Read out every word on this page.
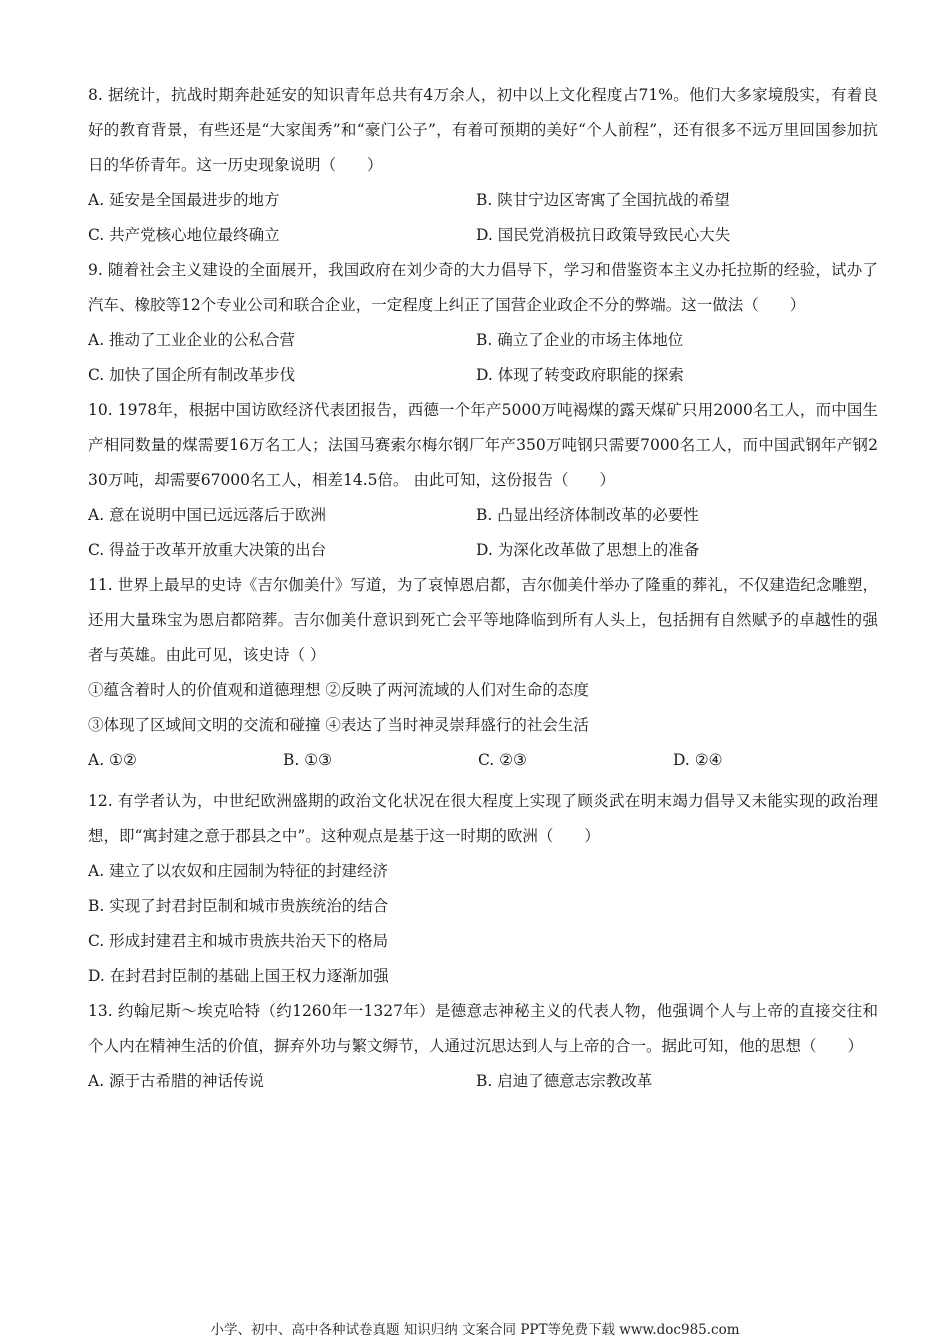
8. 据统计，抗战时期奔赴延安的知识青年总共有4万余人，初中以上文化程度占71%。他们大多家境殷实，有着良好的教育背景，有些还是“大家闺秀”和“豪门公子”，有着可预期的美好“个人前程”，还有很多不远万里回国参加抗日的华侨青年。这一历史现象说明（　　）
A. 延安是全国最进步的地方	B. 陕甘宁边区寄寓了全国抗战的希望
C. 共产党核心地位最终确立	D. 国民党消极抗日政策导致民心大失
9. 随着社会主义建设的全面展开，我国政府在刘少奇的大力倡导下，学习和借鉴资本主义办托拉斯的经验，试办了汽车、橡胶等12个专业公司和联合企业，一定程度上纠正了国营企业政企不分的弊端。这一做法（　　）
A. 推动了工业企业的公私合营	B. 确立了企业的市场主体地位
C. 加快了国企所有制改革步伐	D. 体现了转变政府职能的探索
10. 1978年，根据中国访欧经济代表团报告，西德一个年产5000万吨褐煤的露天煤矿只用2000名工人，而中国生产相同数量的煤需要16万名工人；法国马赛索尔梅尔钢厂年产350万吨钢只需要7000名工人，而中国武钢年产钢230万吨，却需要67000名工人，相差14.5倍。 由此可知，这份报告（　　）
A. 意在说明中国已远远落后于欧洲	B. 凸显出经济体制改革的必要性
C. 得益于改革开放重大决策的出台	D. 为深化改革做了思想上的准备
11. 世界上最早的史诗《吉尔伽美什》写道，为了哀悼恩启都，吉尔伽美什举办了隆重的葬礼，不仅建造纪念雕塑，还用大量珠宝为恩启都陪葬。吉尔伽美什意识到死亡会平等地降临到所有人头上，包括拥有自然赋予的卓越性的强者与英雄。由此可见，该史诗（ ）
①蕴含着时人的价值观和道德理想 ②反映了两河流域的人们对生命的态度
③体现了区域间文明的交流和碰撞 ④表达了当时神灵崇拜盛行的社会生活
A. ①②	B. ①③	C. ②③	D. ②④
12. 有学者认为，中世纪欧洲盛期的政治文化状况在很大程度上实现了顾炎武在明末竭力倡导又未能实现的政治理想，即“寓封建之意于郡县之中”。这种观点是基于这一时期的欧洲（　　）
A. 建立了以农奴和庄园制为特征的封建经济
B. 实现了封君封臣制和城市贵族统治的结合
C. 形成封建君主和城市贵族共治天下的格局
D. 在封君封臣制的基础上国王权力逐渐加强
13. 约翰尼斯～埃克哈特（约1260年一1327年）是德意志神秘主义的代表人物，他强调个人与上帝的直接交往和个人内在精神生活的价值，摒弃外功与繁文缛节，人通过沉思达到人与上帝的合一。据此可知，他的思想（　　）
A. 源于古希腊的神话传说	B. 启迪了德意志宗教改革
小学、初中、高中各种试卷真题 知识归纳 文案合同 PPT等免费下载 www.doc985.com
